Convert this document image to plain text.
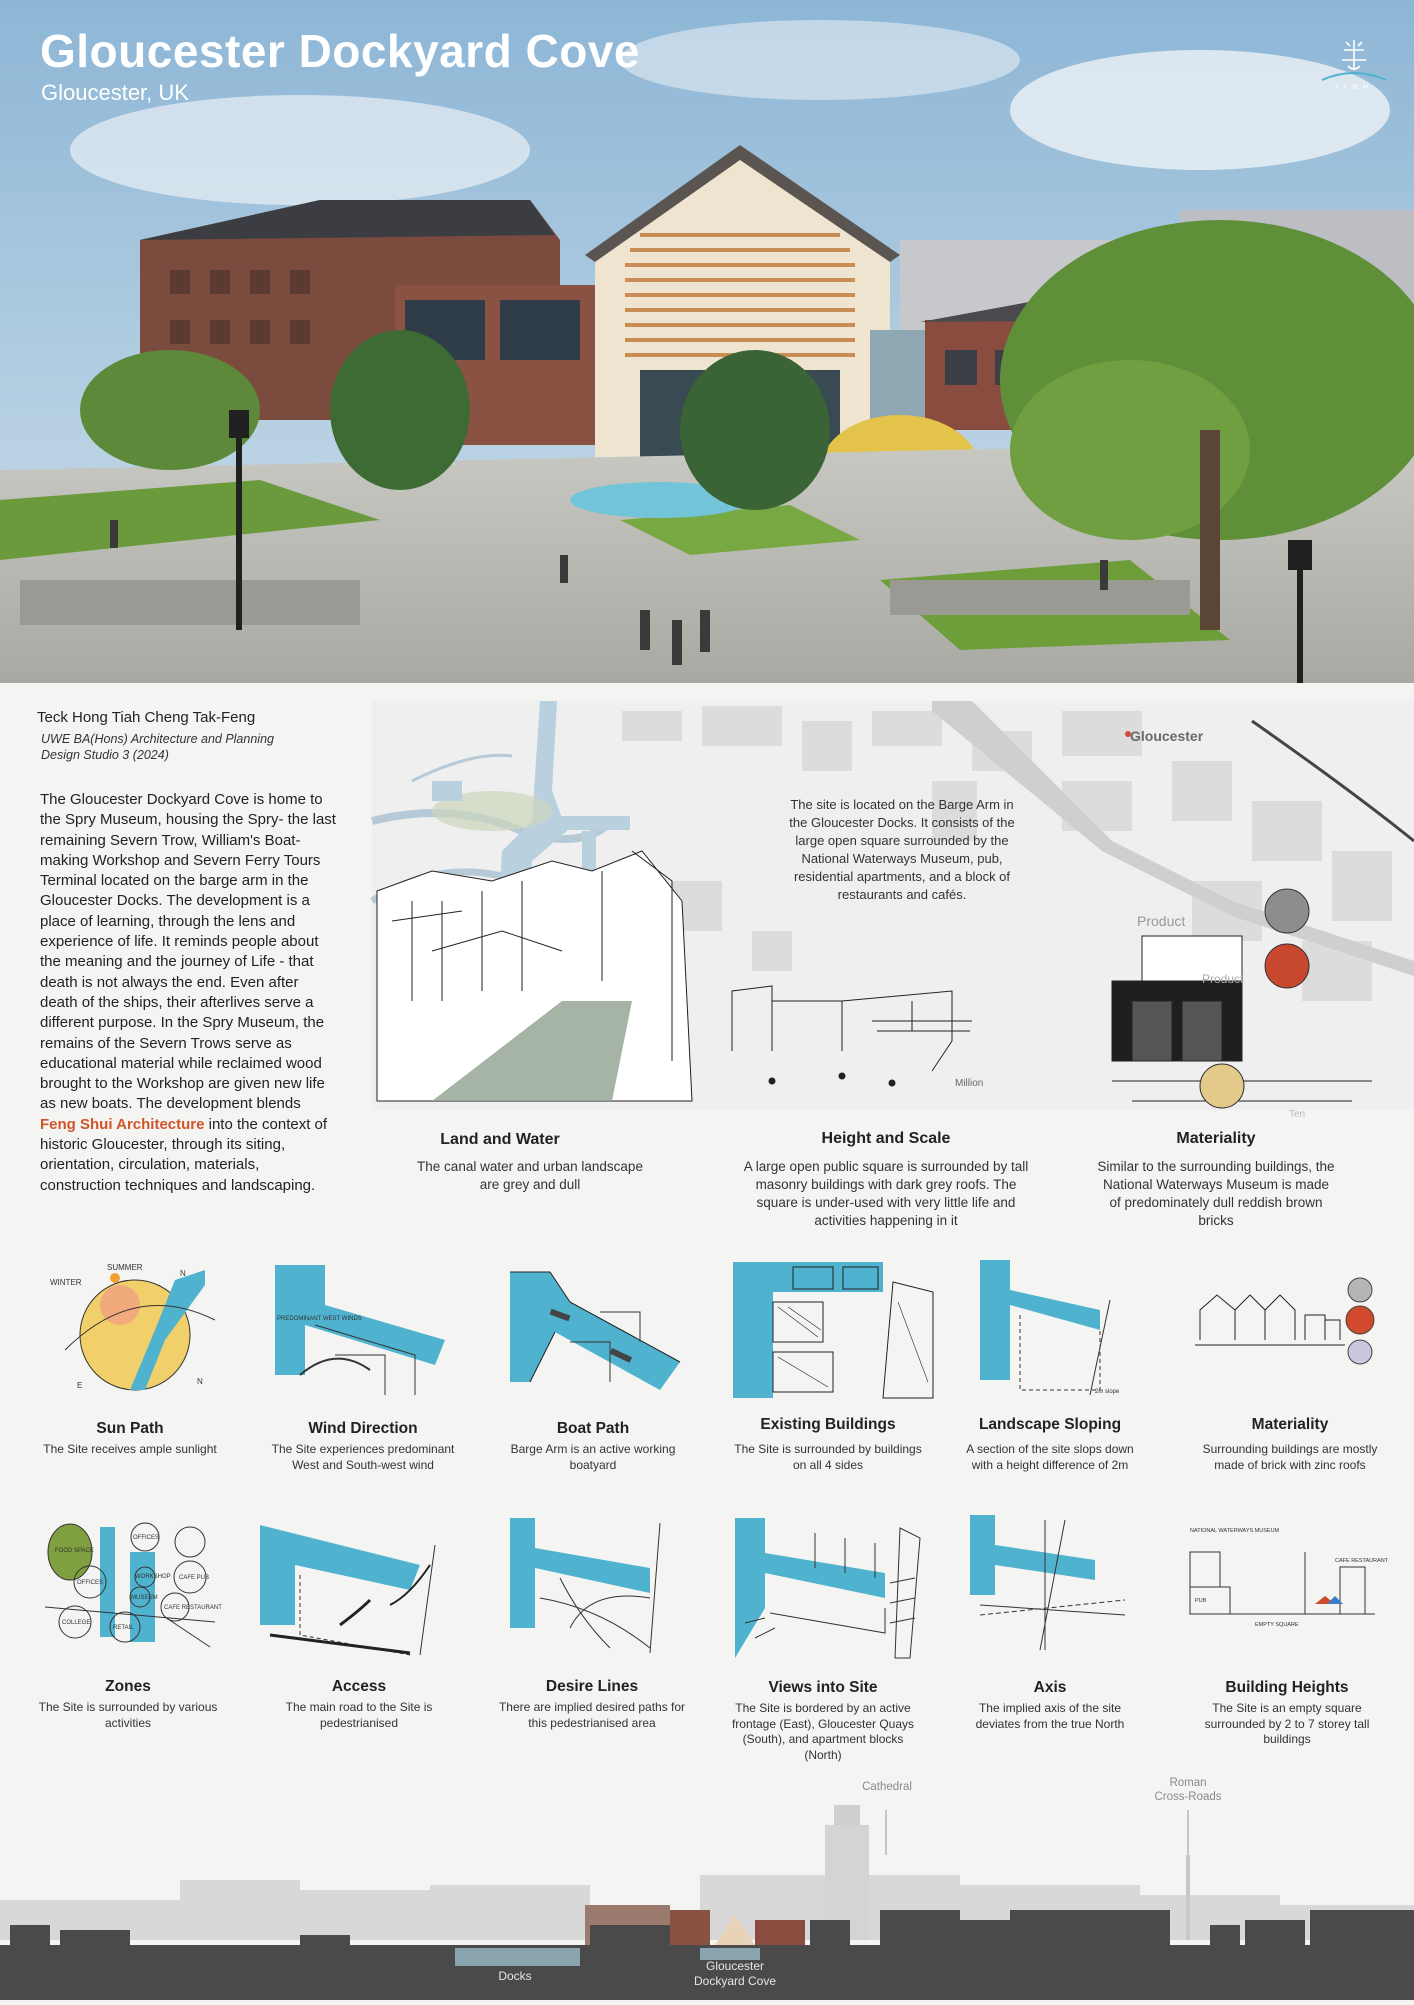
Gloucester Dockyard Cove
Gloucester, UK	JTWH
Teck Hong Tiah Cheng Tak-Feng
UWE BA(Hons) Architecture and Planning
Design Studio 3 (2024)
The Gloucester Dockyard Cove is home to the Spry Museum, housing the Spry- the last remaining Severn Trow, William's Boat-making Workshop and Severn Ferry Tours Terminal located on the barge arm in the Gloucester Docks. The development is a place of learning, through the lens and experience of life. It reminds people about the meaning and the journey of Life - that death is not always the end. Even after death of the ships, their afterlives serve a different purpose. In the Spry Museum, the remains of the Severn Trows serve as educational material while reclaimed wood brought to the Workshop are given new life as new boats. The development blends Feng Shui Architecture into the context of historic Gloucester, through its siting, orientation, circulation, materials, construction techniques and landscaping.
Million
Product
Product
Ten
Gloucester
The site is located on the Barge Arm in the Gloucester Docks. It consists of the large open square surrounded by the National Waterways Museum, pub, residential apartments, and a block of restaurants and cafés.
Land and Water
The canal water and urban landscape are grey and dull
Height and Scale
A large open public square is surrounded by tall masonry buildings with dark grey roofs. The square is under-used with very little life and activities happening in it
Materiality
Similar to the surrounding buildings, the National Waterways Museum is made of predominately dull reddish brown bricks
WINTER
SUMMER
N
E	N
PREDOMINANT WEST WINDS
2m slope
Sun Path
The Site receives ample sunlight
Wind Direction
The Site experiences predominant West and South-west wind
Boat Path
Barge Arm is an active working boatyard
Existing Buildings
The Site is surrounded by buildings on all 4 sides
Landscape Sloping
A section of the site slops down with a height difference of 2m
Materiality
Surrounding buildings are mostly made of brick with zinc roofs
FOOD SPACE
OFFICES
OFFICES
CAFE PUB
COLLEGE
RETAIL
WORKSHOP
MUSEUM
CAFE RESTAURANT
NATIONAL WATERWAYS MUSEUM
PUB
CAFE RESTAURANT
EMPTY SQUARE
Zones
The Site is surrounded by various activities
Access
The main road to the Site is pedestrianised
Desire Lines
There are implied desired paths for this pedestrianised area
Views into Site
The Site is bordered by an active frontage (East), Gloucester Quays (South), and apartment blocks (North)
Axis
The implied axis of the site deviates from the true North
Building Heights
The Site is an empty square surrounded by 2 to 7 storey tall buildings
Cathedral	Roman
Cross-Roads
Docks
Gloucester
Dockyard Cove
